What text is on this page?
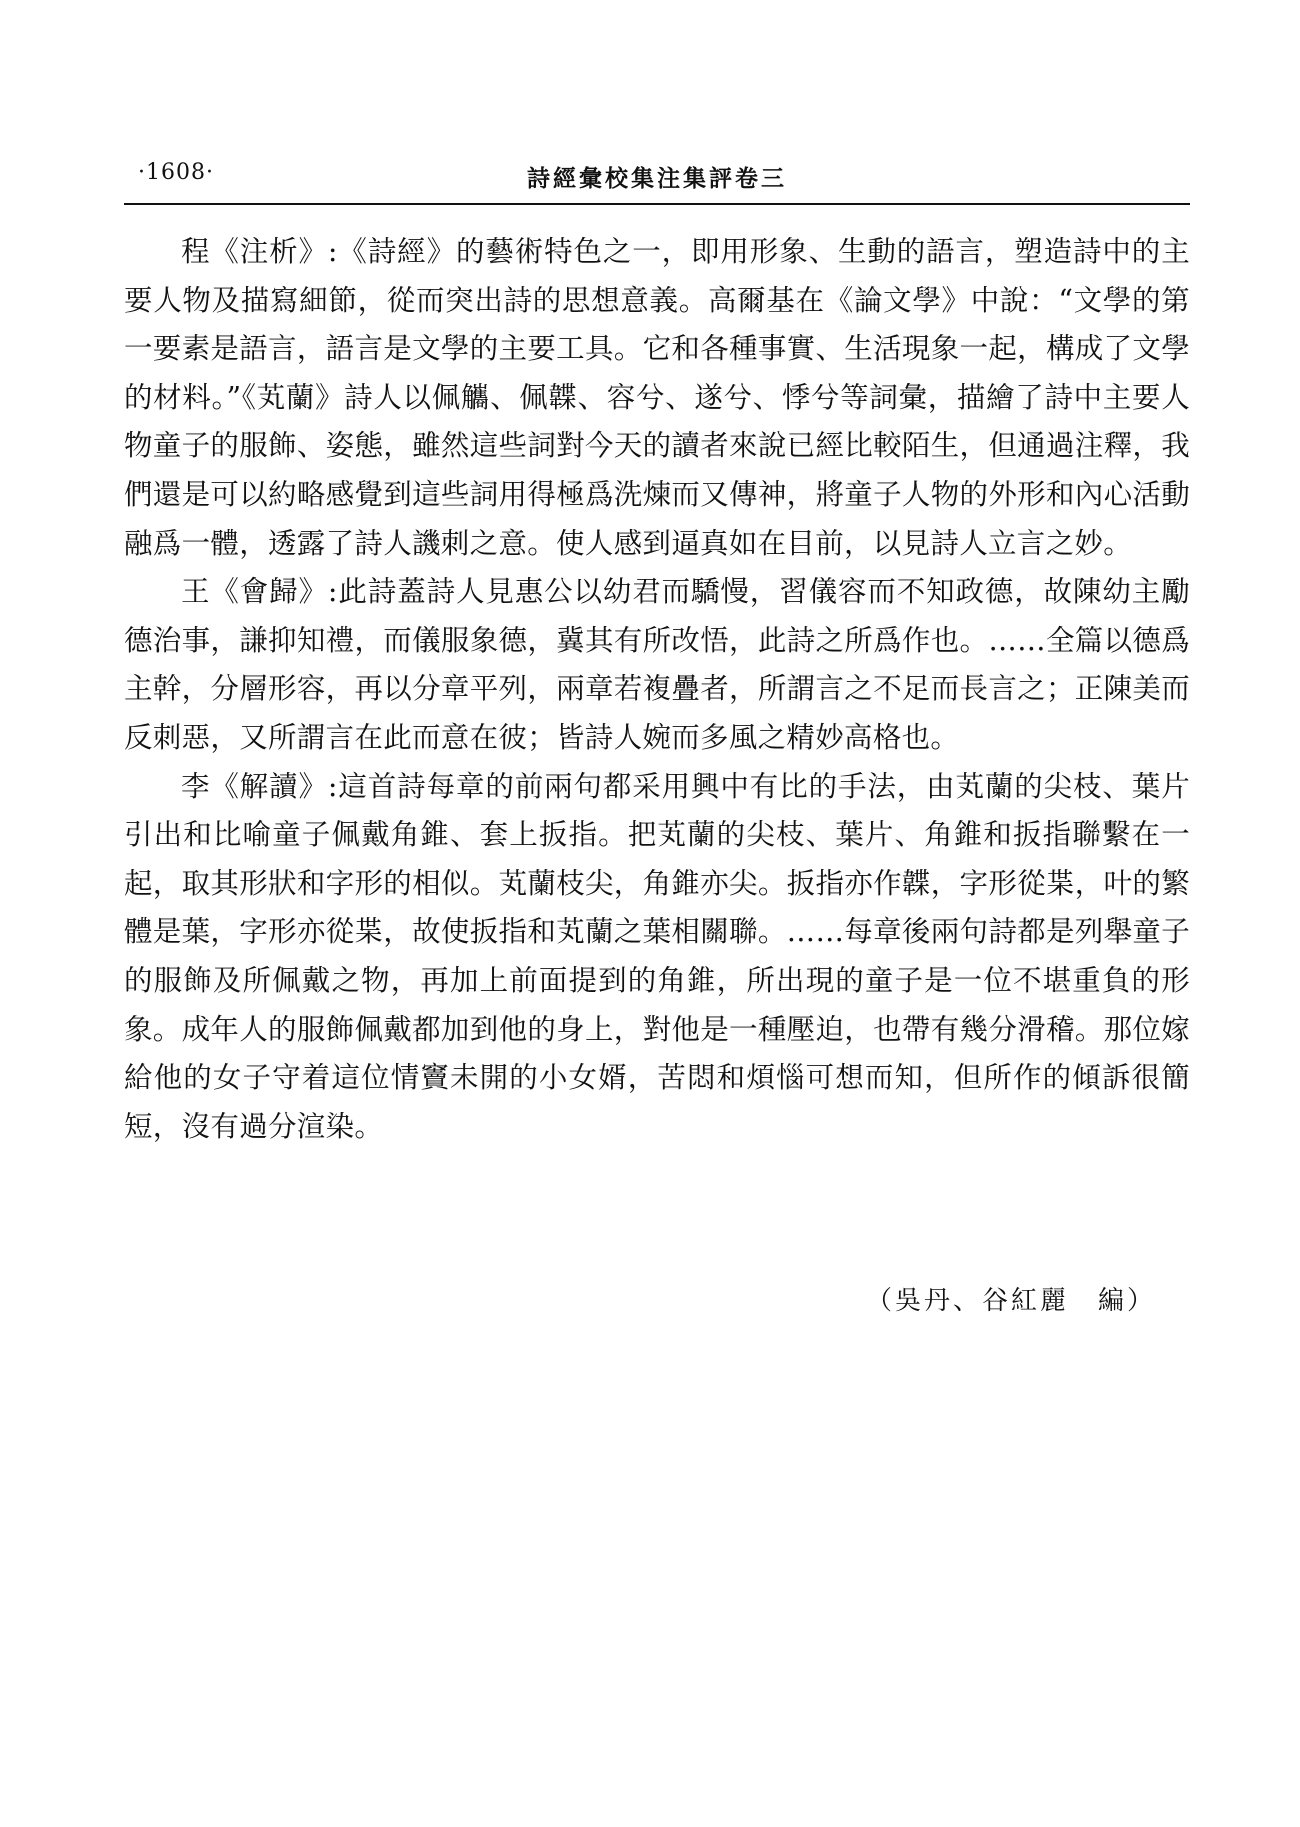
·1608·	詩經彙校集注集評卷三

程《注析》:《詩經》的藝術特色之一，即用形象、生動的語言，塑造詩中的主要人物及描寫細節，從而突出詩的思想意義。高爾基在《論文學》中說：“文學的第一要素是語言，語言是文學的主要工具。它和各種事實、生活現象一起，構成了文學的材料。”《芄蘭》詩人以佩觿、佩韘、容兮、遂兮、悸兮等詞彙，描繪了詩中主要人物童子的服飾、姿態，雖然這些詞對今天的讀者來說已經比較陌生，但通過注釋，我們還是可以約略感覺到這些詞用得極爲洗煉而又傳神，將童子人物的外形和內心活動融爲一體，透露了詩人譏刺之意。使人感到逼真如在目前，以見詩人立言之妙。

王《會歸》:此詩蓋詩人見惠公以幼君而驕慢，習儀容而不知政德，故陳幼主勵德治事，謙抑知禮，而儀服象德，冀其有所改悟，此詩之所爲作也。……全篇以德爲主幹，分層形容，再以分章平列，兩章若複疊者，所謂言之不足而長言之；正陳美而反刺惡，又所謂言在此而意在彼；皆詩人婉而多風之精妙高格也。

李《解讀》:這首詩每章的前兩句都采用興中有比的手法，由芄蘭的尖枝、葉片引出和比喻童子佩戴角錐、套上扳指。把芄蘭的尖枝、葉片、角錐和扳指聯繫在一起，取其形狀和字形的相似。芄蘭枝尖，角錐亦尖。扳指亦作韘，字形從枼，叶的繁體是葉，字形亦從枼，故使扳指和芄蘭之葉相關聯。……每章後兩句詩都是列舉童子的服飾及所佩戴之物，再加上前面提到的角錐，所出現的童子是一位不堪重負的形象。成年人的服飾佩戴都加到他的身上，對他是一種壓迫，也帶有幾分滑稽。那位嫁給他的女子守着這位情竇未開的小女婿，苦悶和煩惱可想而知，但所作的傾訴很簡短，沒有過分渲染。

（吳丹、谷紅麗　編）
